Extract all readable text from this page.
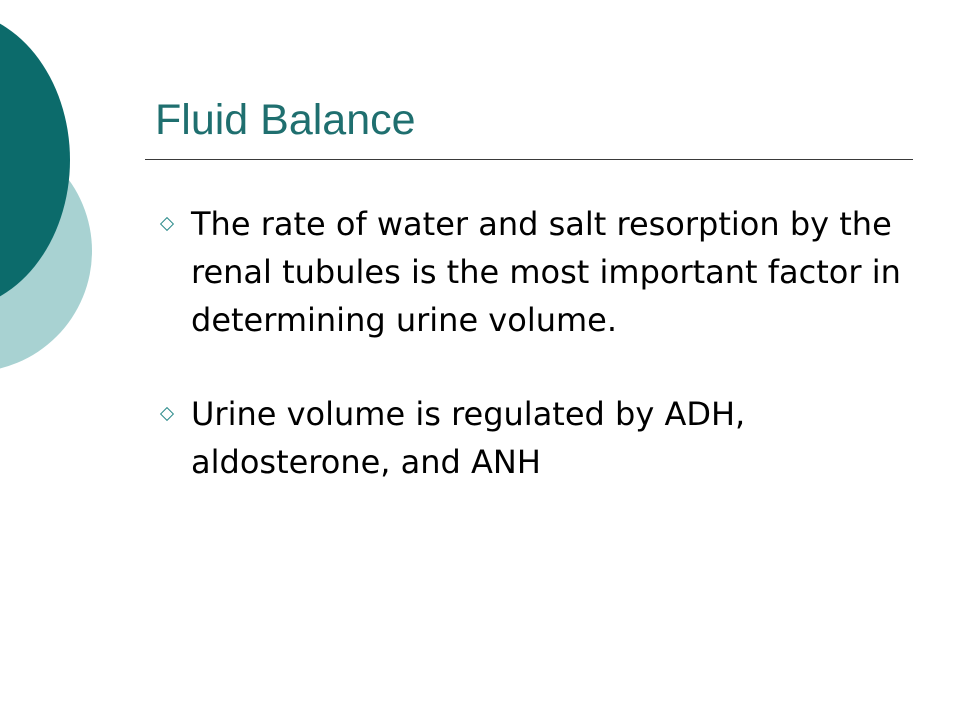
Fluid Balance
The rate of water and salt resorption by the renal tubules is the most important factor in determining urine volume.
Urine volume is regulated by ADH, aldosterone, and ANH
